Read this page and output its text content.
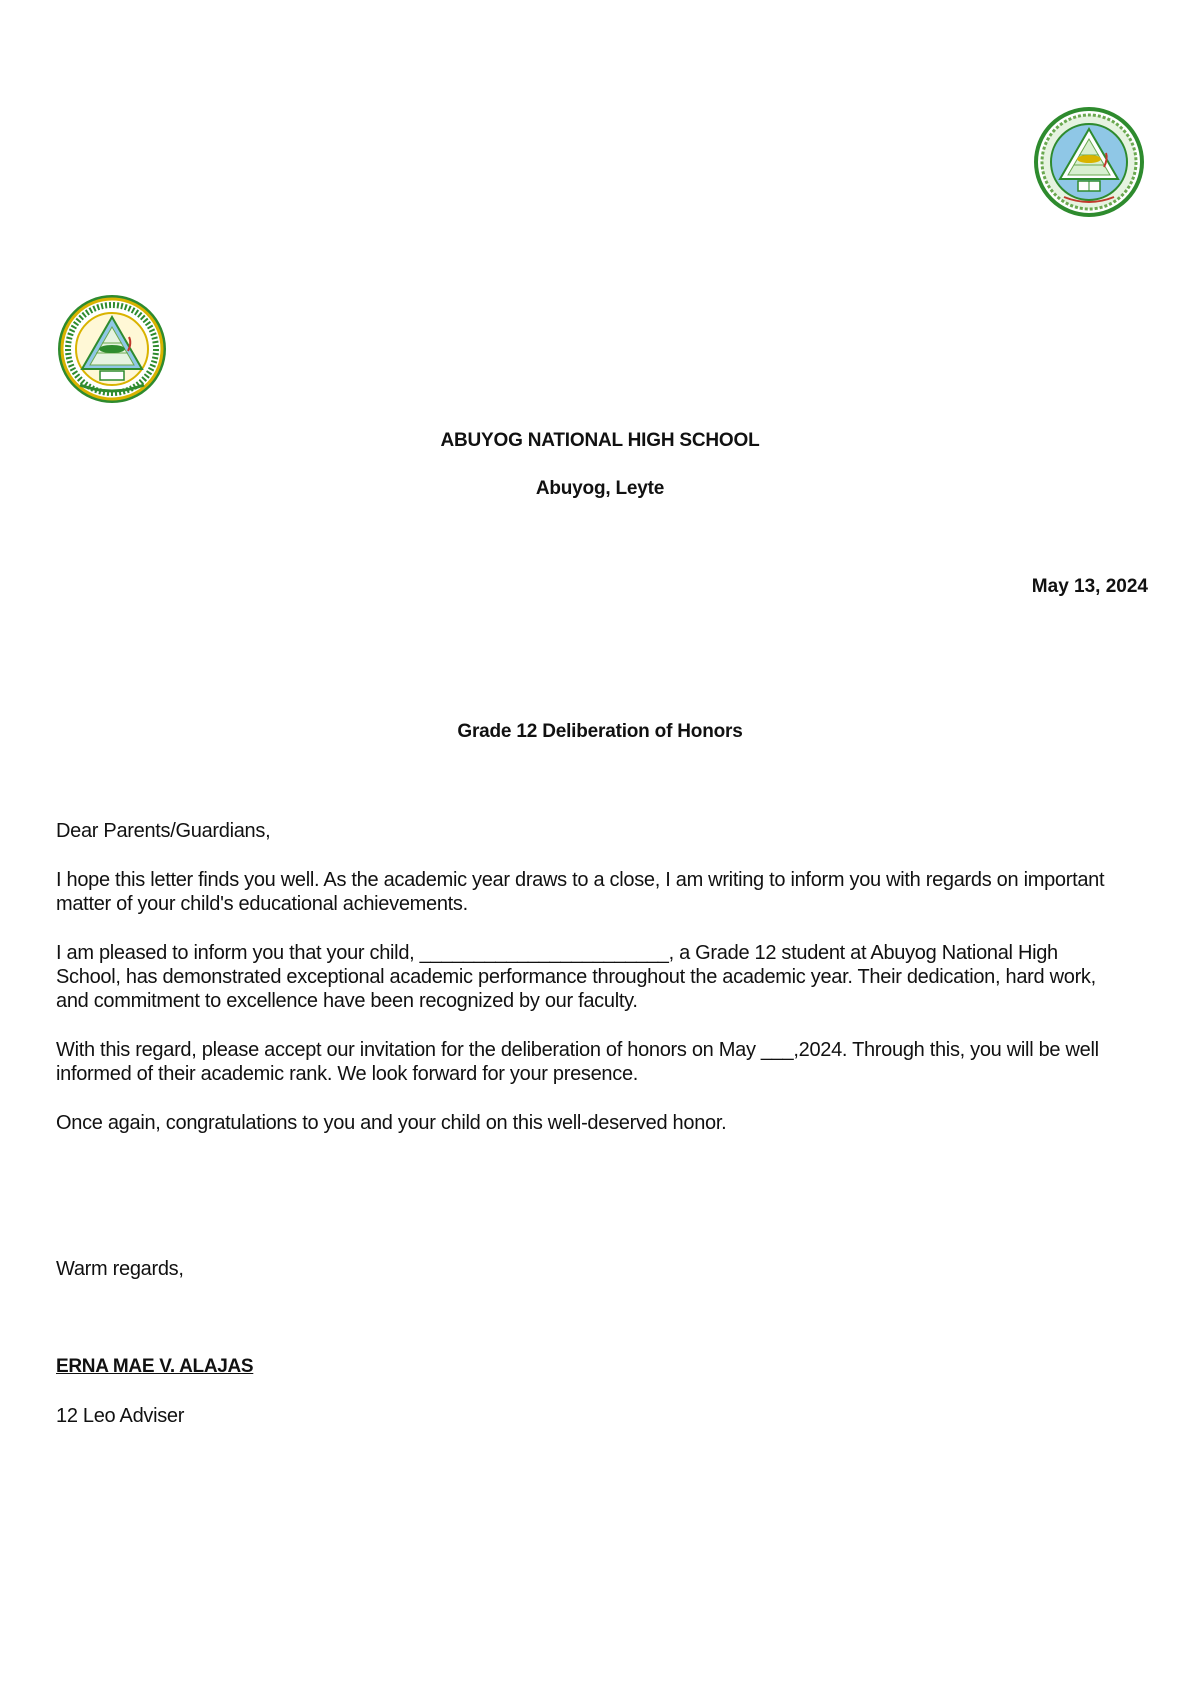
ABUYOG NATIONAL HIGH SCHOOL
Abuyog, Leyte
May 13, 2024
Grade 12 Deliberation of Honors
Dear Parents/Guardians,
I hope this letter finds you well. As the academic year draws to a close, I am writing to inform you with regards on important matter of your child's educational achievements.
I am pleased to inform you that your child, _______________________, a Grade 12 student at Abuyog National High School, has demonstrated exceptional academic performance throughout the academic year. Their dedication, hard work, and commitment to excellence have been recognized by our faculty.
With this regard, please accept our invitation for the deliberation of honors on May ___,2024. Through this, you will be well informed of their academic rank. We look forward for your presence.
Once again, congratulations to you and your child on this well-deserved honor.
Warm regards,
ERNA MAE V. ALAJAS
12 Leo Adviser
